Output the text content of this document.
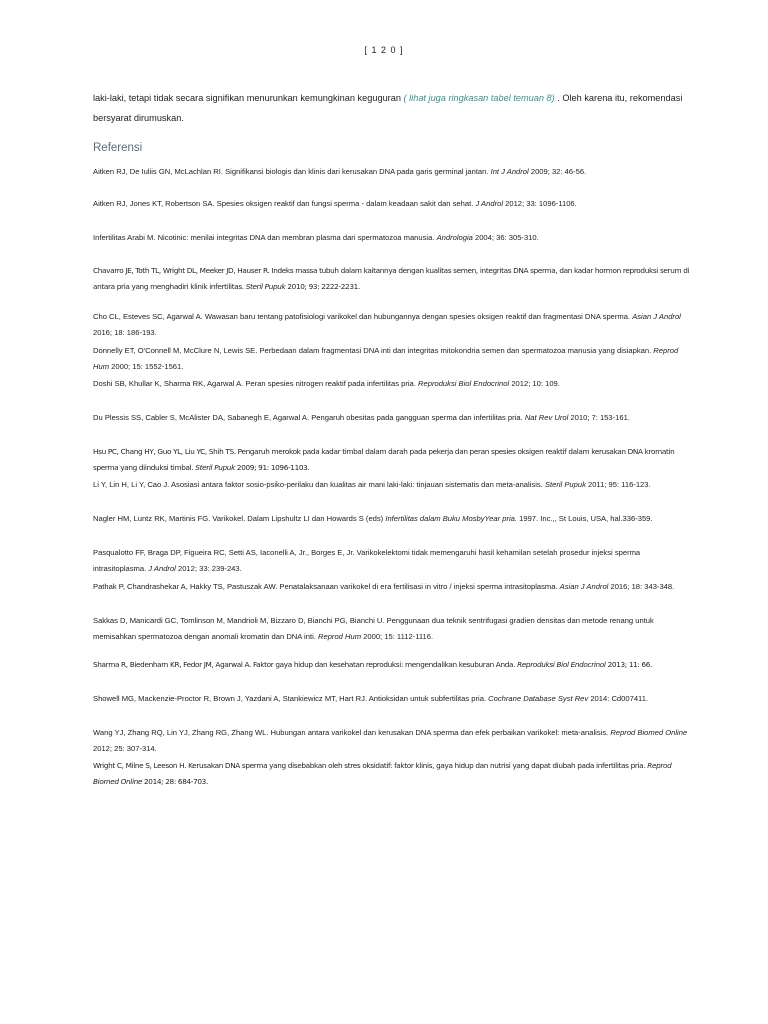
[ 1 2 0 ]
laki-laki, tetapi tidak secara signifikan menurunkan kemungkinan keguguran ( lihat juga ringkasan tabel temuan 8) . Oleh karena itu, rekomendasi bersyarat dirumuskan.
Referensi
Aitken RJ, De Iuliis GN, McLachlan RI. Signifikansi biologis dan klinis dari kerusakan DNA pada garis germinal jantan. Int J Androl 2009; 32: 46-56.
Aitken RJ, Jones KT, Robertson SA. Spesies oksigen reaktif dan fungsi sperma - dalam keadaan sakit dan sehat. J Androl 2012; 33: 1096-1106.
Infertilitas Arabi M. Nicotinic: menilai integritas DNA dan membran plasma dari spermatozoa manusia. Andrologia 2004; 36: 305-310.
Chavarro JE, Toth TL, Wright DL, Meeker JD, Hauser R. Indeks massa tubuh dalam kaitannya dengan kualitas semen, integritas DNA sperma, dan kadar hormon reproduksi serum di antara pria yang menghadiri klinik infertilitas. Steril Pupuk 2010; 93: 2222-2231.
Cho CL, Esteves SC, Agarwal A. Wawasan baru tentang patofisiologi varikokel dan hubungannya dengan spesies oksigen reaktif dan fragmentasi DNA sperma. Asian J Androl 2016; 18: 186-193.
Donnelly ET, O'Connell M, McClure N, Lewis SE. Perbedaan dalam fragmentasi DNA inti dan integritas mitokondria semen dan spermatozoa manusia yang disiapkan. Reprod Hum 2000; 15: 1552-1561.
Doshi SB, Khullar K, Sharma RK, Agarwal A. Peran spesies nitrogen reaktif pada infertilitas pria. Reproduksi Biol Endocrinol 2012; 10: 109.
Du Plessis SS, Cabler S, McAlister DA, Sabanegh E, Agarwal A. Pengaruh obesitas pada gangguan sperma dan infertilitas pria. Nat Rev Urol 2010; 7: 153-161.
Hsu PC, Chang HY, Guo YL, Liu YC, Shih TS. Pengaruh merokok pada kadar timbal dalam darah pada pekerja dan peran spesies oksigen reaktif dalam kerusakan DNA kromatin sperma yang diinduksi timbal. Steril Pupuk 2009; 91: 1096-1103.
Li Y, Lin H, Li Y, Cao J. Asosiasi antara faktor sosio-psiko-perilaku dan kualitas air mani laki-laki: tinjauan sistematis dan meta-analisis. Steril Pupuk 2011; 95: 116-123.
Nagler HM, Luntz RK, Martinis FG. Varikokel. Dalam Lipshultz LI dan Howards S (eds) Infertilitas dalam Buku MosbyYear pria. 1997. Inc.,, St Louis, USA, hal.336-359.
Pasqualotto FF, Braga DP, Figueira RC, Setti AS, Iaconelli A, Jr., Borges E, Jr. Varikokelektomi tidak memengaruhi hasil kehamilan setelah prosedur injeksi sperma intrasitoplasma. J Androl 2012; 33: 239-243.
Pathak P, Chandrashekar A, Hakky TS, Pastuszak AW. Penatalaksanaan varikokel di era fertilisasi in vitro / injeksi sperma intrasitoplasma. Asian J Androl 2016; 18: 343-348.
Sakkas D, Manicardi GC, Tomlinson M, Mandrioli M, Bizzaro D, Bianchi PG, Bianchi U. Penggunaan dua teknik sentrifugasi gradien densitas dan metode renang untuk memisahkan spermatozoa dengan anomali kromatin dan DNA inti. Reprod Hum 2000; 15: 1112-1116.
Sharma R, Biedenharn KR, Fedor JM, Agarwal A. Faktor gaya hidup dan kesehatan reproduksi: mengendalikan kesuburan Anda. Reproduksi Biol Endocrinol 2013; 11: 66.
Showell MG, Mackenzie-Proctor R, Brown J, Yazdani A, Stankiewicz MT, Hart RJ. Antioksidan untuk subfertilitas pria. Cochrane Database Syst Rev 2014: Cd007411.
Wang YJ, Zhang RQ, Lin YJ, Zhang RG, Zhang WL. Hubungan antara varikokel dan kerusakan DNA sperma dan efek perbaikan varikokel: meta-analisis. Reprod Biomed Online 2012; 25: 307-314.
Wright C, Milne S, Leeson H. Kerusakan DNA sperma yang disebabkan oleh stres oksidatif: faktor klinis, gaya hidup dan nutrisi yang dapat diubah pada infertilitas pria. Reprod Biomed Online 2014; 28: 684-703.
